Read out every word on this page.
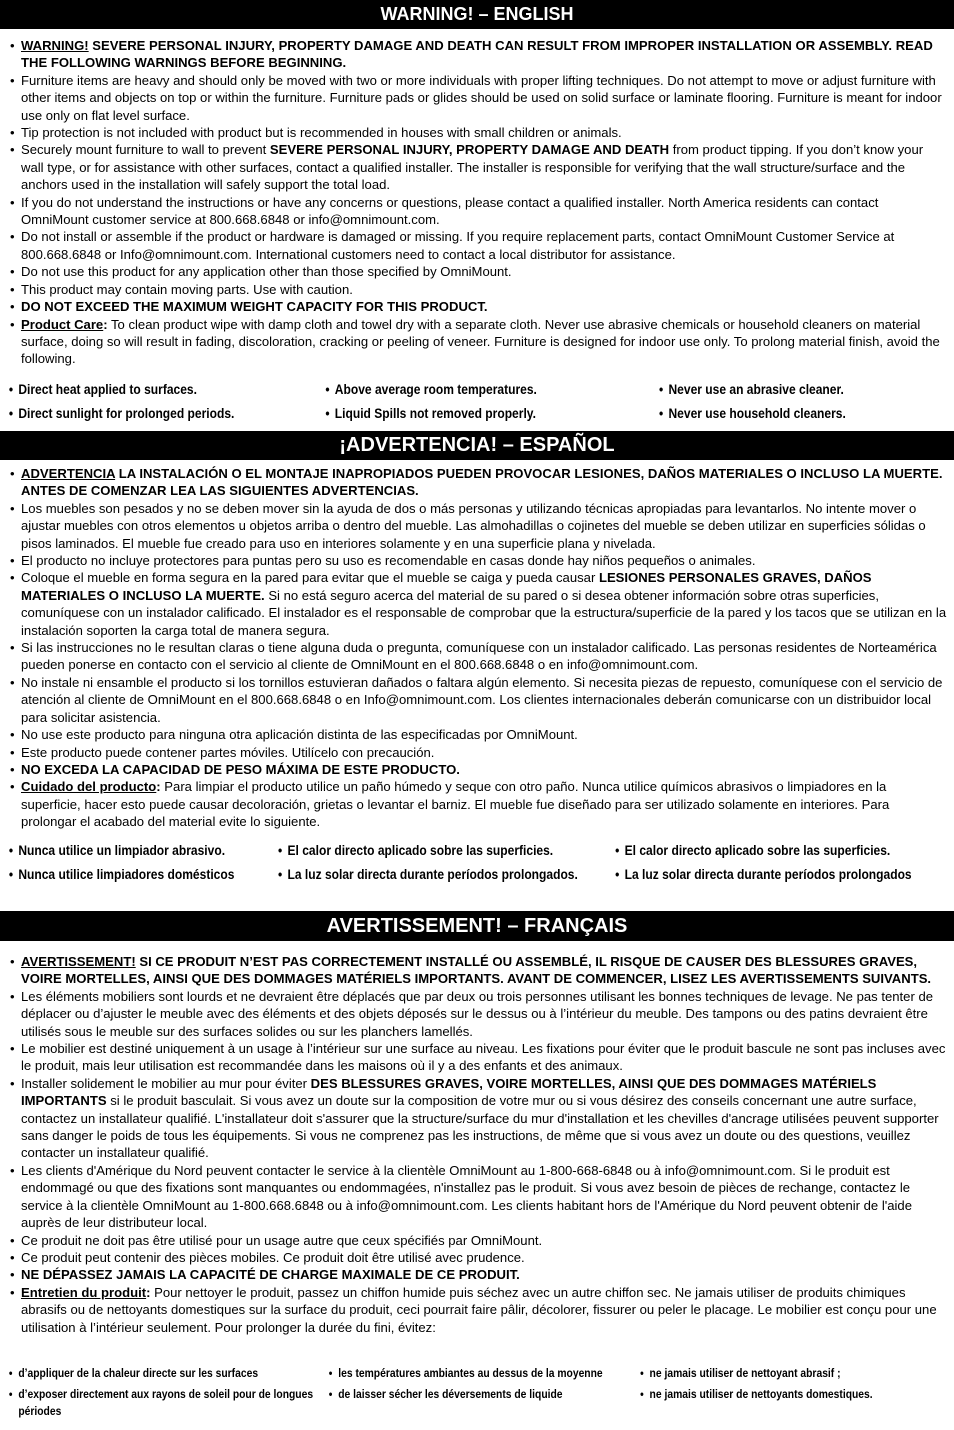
WARNING! – ENGLISH
• WARNING! SEVERE PERSONAL INJURY, PROPERTY DAMAGE AND DEATH CAN RESULT FROM IMPROPER INSTALLATION OR ASSEMBLY. READ THE FOLLOWING WARNINGS BEFORE BEGINNING.
• Furniture items are heavy and should only be moved with two or more individuals with proper lifting techniques. Do not attempt to move or adjust furniture with other items and objects on top or within the furniture. Furniture pads or glides should be used on solid surface or laminate flooring. Furniture is meant for indoor use only on flat level surface.
• Tip protection is not included with product but is recommended in houses with small children or animals.
• Securely mount furniture to wall to prevent SEVERE PERSONAL INJURY, PROPERTY DAMAGE AND DEATH from product tipping. If you don’t know your wall type, or for assistance with other surfaces, contact a qualified installer. The installer is responsible for verifying that the wall structure/surface and the anchors used in the installation will safely support the total load.
• If you do not understand the instructions or have any concerns or questions, please contact a qualified installer. North America residents can contact OmniMount customer service at 800.668.6848 or info@omnimount.com.
• Do not install or assemble if the product or hardware is damaged or missing. If you require replacement parts, contact OmniMount Customer Service at 800.668.6848 or Info@omnimount.com. International customers need to contact a local distributor for assistance.
• Do not use this product for any application other than those specified by OmniMount.
• This product may contain moving parts. Use with caution.
• DO NOT EXCEED THE MAXIMUM WEIGHT CAPACITY FOR THIS PRODUCT.
• Product Care: To clean product wipe with damp cloth and towel dry with a separate cloth. Never use abrasive chemicals or household cleaners on material surface, doing so will result in fading, discoloration, cracking or peeling of veneer. Furniture is designed for indoor use only. To prolong material finish, avoid the following.
• Direct heat applied to surfaces.
• Direct sunlight for prolonged periods.
• Above average room temperatures.
• Liquid Spills not removed properly.
• Never use an abrasive cleaner.
• Never use household cleaners.
¡ADVERTENCIA! – ESPAÑOL
• ADVERTENCIA LA INSTALACIÓN O EL MONTAJE INAPROPIADOS PUEDEN PROVOCAR LESIONES, DAÑOS MATERIALES O INCLUSO LA MUERTE. ANTES DE COMENZAR LEA LAS SIGUIENTES ADVERTENCIAS.
• Los muebles son pesados y no se deben mover sin la ayuda de dos o más personas y utilizando técnicas apropiadas para levantarlos. No intente mover o ajustar muebles con otros elementos u objetos arriba o dentro del mueble. Las almohadillas o cojinetes del mueble se deben utilizar en superficies sólidas o pisos laminados. El mueble fue creado para uso en interiores solamente y en una superficie plana y nivelada.
• El producto no incluye protectores para puntas pero su uso es recomendable en casas donde hay niños pequeños o animales.
• Coloque el mueble en forma segura en la pared para evitar que el mueble se caiga y pueda causar LESIONES PERSONALES GRAVES, DAÑOS MATERIALES O INCLUSO LA MUERTE. Si no está seguro acerca del material de su pared o si desea obtener información sobre otras superficies, comuníquese con un instalador calificado. El instalador es el responsable de comprobar que la estructura/superficie de la pared y los tacos que se utilizan en la instalación soporten la carga total de manera segura.
• Si las instrucciones no le resultan claras o tiene alguna duda o pregunta, comuníquese con un instalador calificado. Las personas residentes de Norteamérica pueden ponerse en contacto con el servicio al cliente de OmniMount en el 800.668.6848 o en info@omnimount.com.
• No instale ni ensamble el producto si los tornillos estuvieran dañados o faltara algún elemento. Si necesita piezas de repuesto, comuníquese con el servicio de atención al cliente de OmniMount en el 800.668.6848 o en Info@omnimount.com. Los clientes internacionales deberán comunicarse con un distribuidor local para solicitar asistencia.
• No use este producto para ninguna otra aplicación distinta de las especificadas por OmniMount.
• Este producto puede contener partes móviles. Utilícelo con precaución.
• NO EXCEDA LA CAPACIDAD DE PESO MÁXIMA DE ESTE PRODUCTO.
• Cuidado del producto: Para limpiar el producto utilice un paño húmedo y seque con otro paño. Nunca utilice químicos abrasivos o limpiadores en la superficie, hacer esto puede causar decoloración, grietas o levantar el barniz. El mueble fue diseñado para ser utilizado solamente en interiores. Para prolongar el acabado del material evite lo siguiente.
• Nunca utilice un limpiador abrasivo.
• Nunca utilice limpiadores domésticos
• El calor directo aplicado sobre las superficies.
• La luz solar directa durante períodos prolongados.
• El calor directo aplicado sobre las superficies.
• La luz solar directa durante períodos prolongados
AVERTISSEMENT! – FRANÇAIS
• AVERTISSEMENT! SI CE PRODUIT N’EST PAS CORRECTEMENT INSTALLÉ OU ASSEMBLÉ, IL RISQUE DE CAUSER DES BLESSURES GRAVES, VOIRE MORTELLES, AINSI QUE DES DOMMAGES MATÉRIELS IMPORTANTS. AVANT DE COMMENCER, LISEZ LES AVERTISSEMENTS SUIVANTS.
• Les éléments mobiliers sont lourds et ne devraient être déplacés que par deux ou trois personnes utilisant les bonnes techniques de levage. Ne pas tenter de déplacer ou d’ajuster le meuble avec des éléments et des objets déposés sur le dessus ou à l’intérieur du meuble. Des tampons ou des patins devraient être utilisés sous le meuble sur des surfaces solides ou sur les planchers lamellés.
• Le mobilier est destiné uniquement à un usage à l’intérieur sur une surface au niveau. Les fixations pour éviter que le produit bascule ne sont pas incluses avec le produit, mais leur utilisation est recommandée dans les maisons où il y a des enfants et des animaux.
• Installer solidement le mobilier au mur pour éviter DES BLESSURES GRAVES, VOIRE MORTELLES, AINSI QUE DES DOMMAGES MATÉRIELS IMPORTANTS si le produit basculait. Si vous avez un doute sur la composition de votre mur ou si vous désirez des conseils concernant une autre surface, contactez un installateur qualifié. L'installateur doit s'assurer que la structure/surface du mur d'installation et les chevilles d'ancrage utilisées peuvent supporter sans danger le poids de tous les équipements. Si vous ne comprenez pas les instructions, de même que si vous avez un doute ou des questions, veuillez contacter un installateur qualifié.
• Les clients d'Amérique du Nord peuvent contacter le service à la clientèle OmniMount au 1-800-668-6848 ou à info@omnimount.com. Si le produit est endommagé ou que des fixations sont manquantes ou endommagées, n'installez pas le produit. Si vous avez besoin de pièces de rechange, contactez le service à la clientèle OmniMount au 1-800.668.6848 ou à info@omnimount.com. Les clients habitant hors de l'Amérique du Nord peuvent obtenir de l'aide auprès de leur distributeur local.
• Ce produit ne doit pas être utilisé pour un usage autre que ceux spécifiés par OmniMount.
• Ce produit peut contenir des pièces mobiles. Ce produit doit être utilisé avec prudence.
• NE DÉPASSEZ JAMAIS LA CAPACITÉ DE CHARGE MAXIMALE DE CE PRODUIT.
• Entretien du produit: Pour nettoyer le produit, passez un chiffon humide puis séchez avec un autre chiffon sec. Ne jamais utiliser de produits chimiques abrasifs ou de nettoyants domestiques sur la surface du produit, ceci pourrait faire pâlir, décolorer, fissurer ou peler le placage. Le mobilier est conçu pour une utilisation à l’intérieur seulement. Pour prolonger la durée du fini, évitez:
• d’appliquer de la chaleur directe sur les surfaces
• d’exposer directement aux rayons de soleil pour de longues périodes
• les températures ambiantes au dessus de la moyenne
• de laisser sécher les déversements de liquide
• ne jamais utiliser de nettoyant abrasif ;
• ne jamais utiliser de nettoyants domestiques.
